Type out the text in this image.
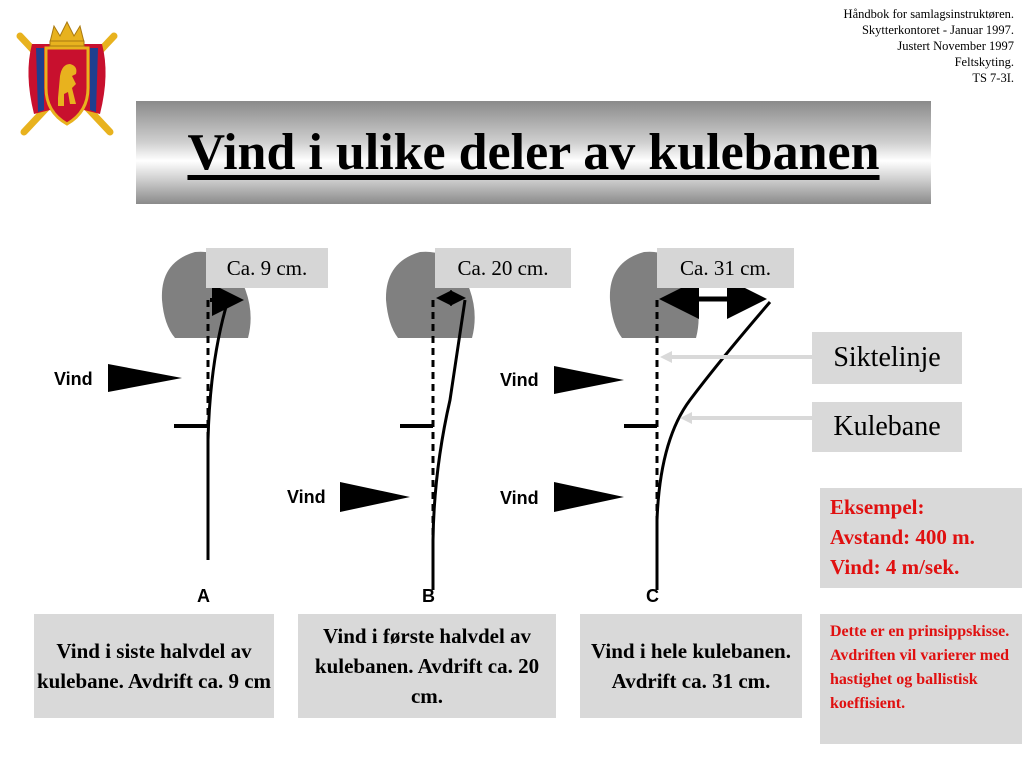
Håndbok for samlagsinstruktøren.
Skytterkontoret - Januar 1997.
Justert November 1997
Feltskyting.
TS 7-3I.
Vind i ulike deler av kulebanen
Vind
Vind
Vind
Vind
A	B	C
Ca. 9 cm.	Ca. 20 cm.	Ca. 31 cm.
Siktelinje
Kulebane
Vind i siste halvdel av kulebane. Avdrift ca. 9 cm
Vind i første halvdel av kulebanen. Avdrift ca. 20 cm.
Vind i hele kulebanen. Avdrift ca. 31 cm.
Eksempel:
Avstand: 400 m.
Vind: 4 m/sek.
Dette er en prinsippskisse. Avdriften vil varierer med hastighet og ballistisk koeffisient.
